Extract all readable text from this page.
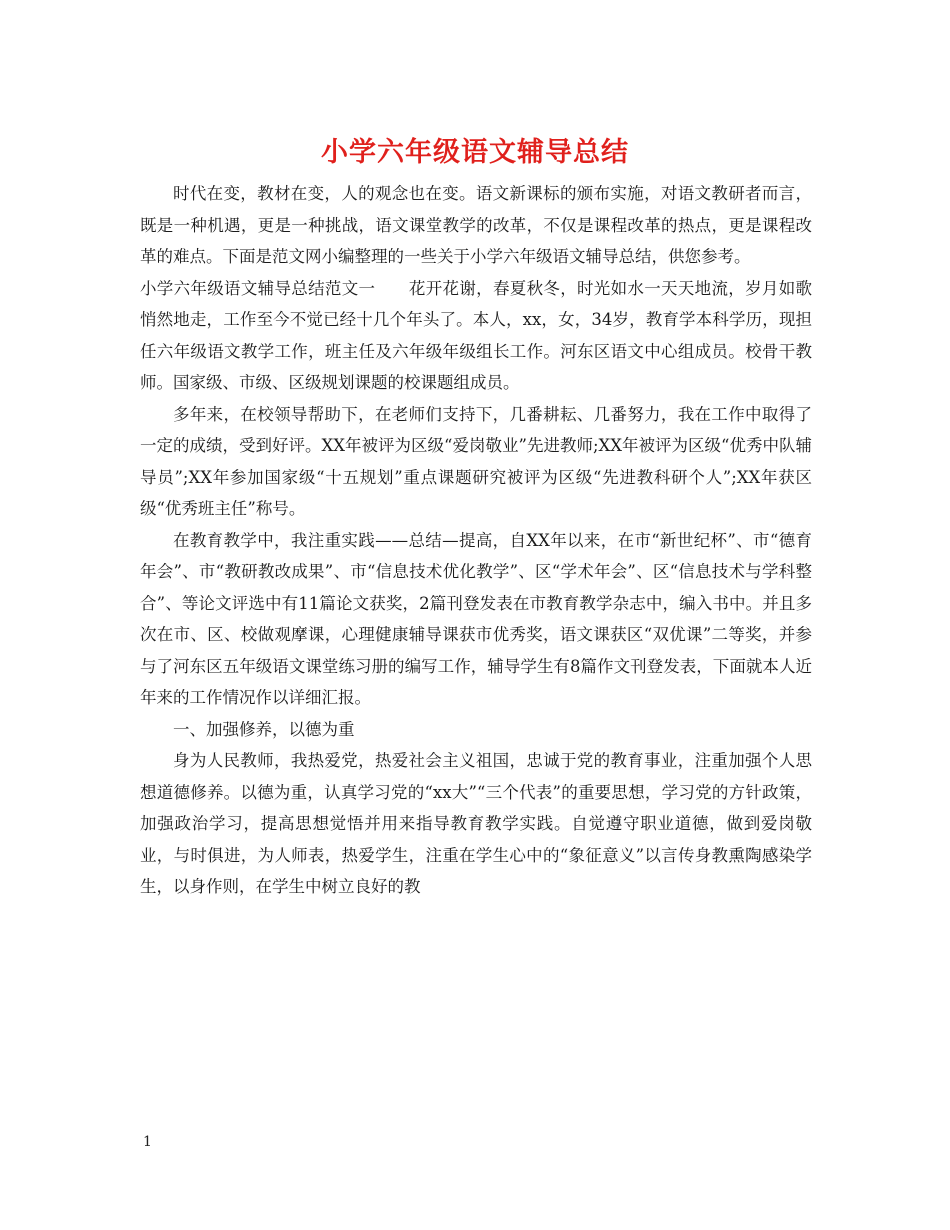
小学六年级语文辅导总结

时代在变，教材在变，人的观念也在变。语文新课标的颁布实施，对语文教研者而言，既是一种机遇，更是一种挑战，语文课堂教学的改革，不仅是课程改革的热点，更是课程改革的难点。下面是范文网小编整理的一些关于小学六年级语文辅导总结，供您参考。

小学六年级语文辅导总结范文一　　花开花谢，春夏秋冬，时光如水一天天地流，岁月如歌悄然地走，工作至今不觉已经十几个年头了。本人，xx，女，34岁，教育学本科学历，现担任六年级语文教学工作，班主任及六年级年级组长工作。河东区语文中心组成员。校骨干教师。国家级、市级、区级规划课题的校课题组成员。

多年来，在校领导帮助下，在老师们支持下，几番耕耘、几番努力，我在工作中取得了一定的成绩，受到好评。XX年被评为区级“爱岗敬业”先进教师;XX年被评为区级“优秀中队辅导员”;XX年参加国家级“十五规划”重点课题研究被评为区级“先进教科研个人”;XX年获区级“优秀班主任”称号。

在教育教学中，我注重实践——总结—提高，自XX年以来，在市“新世纪杯”、市“德育年会”、市“教研教改成果”、市“信息技术优化教学”、区“学术年会”、区“信息技术与学科整合”、等论文评选中有11篇论文获奖，2篇刊登发表在市教育教学杂志中，编入书中。并且多次在市、区、校做观摩课，心理健康辅导课获市优秀奖，语文课获区“双优课”二等奖，并参与了河东区五年级语文课堂练习册的编写工作，辅导学生有8篇作文刊登发表，下面就本人近年来的工作情况作以详细汇报。

一、加强修养，以德为重

身为人民教师，我热爱党，热爱社会主义祖国，忠诚于党的教育事业，注重加强个人思想道德修养。以德为重，认真学习党的“xx大”“三个代表”的重要思想，学习党的方针政策，加强政治学习，提高思想觉悟并用来指导教育教学实践。自觉遵守职业道德，做到爱岗敬业，与时俱进，为人师表，热爱学生，注重在学生心中的“象征意义”以言传身教熏陶感染学生，以身作则，在学生中树立良好的教

1
